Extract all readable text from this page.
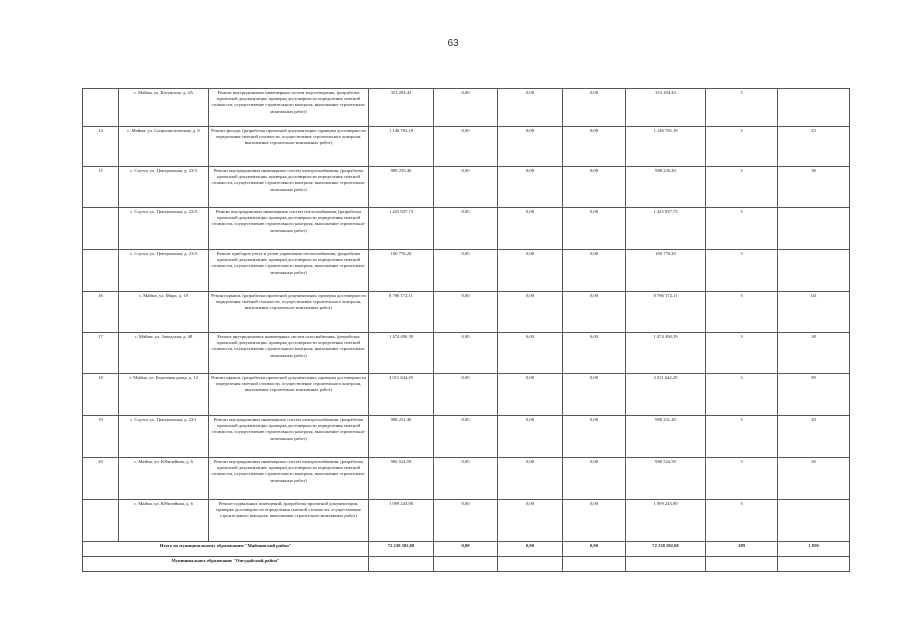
63
	с. Майма, ул. Катунская, д. 4А	Ремонт внутридомовых инженерных систем водоотведения, (разработка проектной документации, проверка достоверности определения сметной стоимости, осуществление строительного контроля, выполнение строительно-монтажных работ)	353 294,43	0,00	0,00	0,00	353 294,43	3	
14	с. Майма, ул. Социалистическая, д. 9	Ремонт фасада, (разработка проектной документации, проверка достоверности определения сметной стоимости, осуществление строительного контроля, выполнение строительно-монтажных работ)	1 146 765,18	0,00	0,00	0,00	1 146 765,18	3	23
15	с. Соузга, ул. Центральная, д. 23/3	Ремонт внутридомовых инженерных систем электроснабжения, (разработка проектной документации, проверка достоверности определения сметной стоимости, осуществление строительного контроля, выполнение строительно-монтажных работ)	988 235,40	0,00	0,00	0,00	988 235,40	3	38
	с. Соузга, ул. Центральная, д. 23/3	Ремонт внутридомовых инженерных систем теплоснабжения, (разработка проектной документации, проверка достоверности определения сметной стоимости, осуществление строительного контроля, выполнение строительно-монтажных работ)	1 425 837,73	0,00	0,00	0,00	1 425 837,73	3	
	с. Соузга, ул. Центральная, д. 23/3	Ремонт приборов учета и узлов управления теплоснабжения, (разработка проектной документации, проверка достоверности определения сметной стоимости, осуществление строительного контроля, выполнение строительно-монтажных работ)	100 776,20	0,00	0,00	0,00	100 776,20	3	
16	с. Майма, ул. Мира, д. 10	Ремонт крыши, (разработка проектной документации, проверка достоверности определения сметной стоимости, осуществление строительного контроля, выполнение строительно-монтажных работ)	8 786 172,11	0,00	0,00	0,00	8 786 172,11	3	141
17	с. Майма, ул. Заводская, д. 48	Ремонт внутридомовых инженерных систем газоснабжения, (разработка проектной документации, проверка достоверности определения сметной стоимости, осуществление строительного контроля, выполнение строительно-монтажных работ)	1 474 490,39	0,00	0,00	0,00	1 474 490,39	3	38
18	с. Майма, ул. Березовая роща, д. 12	Ремонт крыши, (разработка проектной документации, проверка достоверности определения сметной стоимости, осуществление строительного контроля, выполнение строительно-монтажных работ)	4 011 644,29	0,00	0,00	0,00	4 011 644,29	3	89
19	с. Соузга, ул. Центральная, д. 23/1	Ремонт внутридомовых инженерных систем электроснабжения, (разработка проектной документации, проверка достоверности определения сметной стоимости, осуществление строительного контроля, выполнение строительно-монтажных работ)	988 231,40	0,00	0,00	0,00	988 231,40	3	29
20	с. Майма, ул. Юбилейная, д. 6	Ремонт внутридомовых инженерных систем электроснабжения, (разработка проектной документации, проверка достоверности определения сметной стоимости, осуществление строительного контроля, выполнение строительно-монтажных работ)	986 524,59	0,00	0,00	0,00	986 524,59	3	30
	с. Майма, ул. Юбилейная, д. 6	Ремонт подвальных помещений, (разработка проектной документации, проверка достоверности определения сметной стоимости, осуществление строительного контроля, выполнение строительно-монтажных работ)	1 099 243,90	0,00	0,00	0,00	1 099 243,90	3	
Итого по муниципальному образованию "Майминский район"			72 230 502,68	0,00	0,00	0,00	72 230 502,68	189	1 050
Муниципальное образование "Онгудайский район"									
